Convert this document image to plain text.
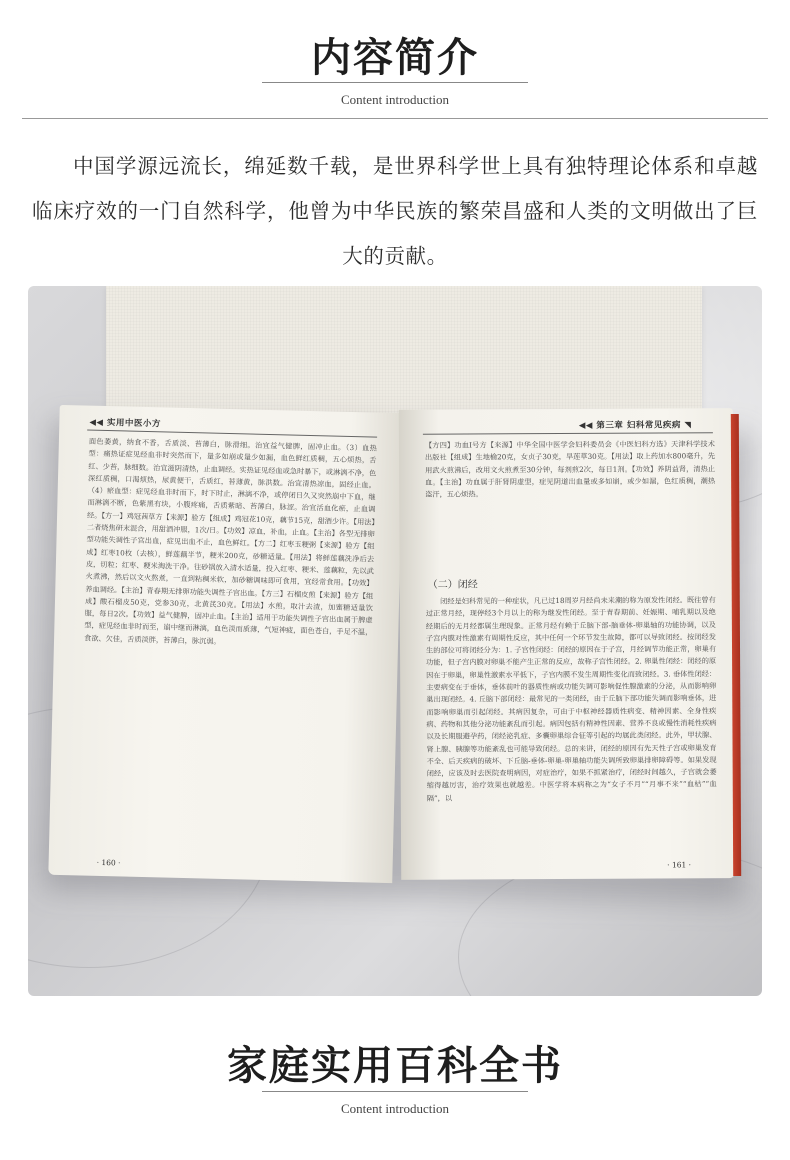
内容简介
Content introduction
中国学源远流长，绵延数千载，是世界科学世上具有独特理论体系和卓越临床疗效的一门自然科学，他曾为中华民族的繁荣昌盛和人类的文明做出了巨大的贡献。
◀◀ 实用中医小方
面色萎黄，纳食不香，舌质淡、苔薄白，脉滑细。治宜益气健脾，固冲止血。（3）血热型：痛热证症见经血非时突然而下，量多如崩或量少如漏，血色鲜红质稠，五心烦热，舌红、少苔，脉细数。治宜滋阴清热，止血调经。实热证见经血或急时暴下，或淋漓不净，色深红质稠，口渴烦热，尿黄便干，舌质红，苔薄黄，脉洪数。治宜清热凉血，固经止血。（4）瘀血型：症见经血非时而下，时下时止，淋漓不净，或停闭日久又突然崩中下血，继而淋漓不断，色紫黑有块，小腹疼痛，舌质紫暗、苔薄白，脉涩。治宜活血化瘀，止血调经。【方一】鸡冠茜草方【来源】验方【组成】鸡冠花10克，藕节15克，甜酒少许。【用法】二者烧焦研末混合，用甜酒冲服，1次/日。【功效】凉血，补血，止血。【主治】各型无排卵型功能失调性子宫出血，症见出血不止，血色鲜红。【方二】红枣玉粳粥【来源】验方【组成】红枣10枚（去核），鲜莲藕半节，粳米200克，砂糖适量。【用法】将鲜莲藕洗净后去皮，切粒；红枣、粳米淘洗干净。往砂锅放入清水适量，投入红枣、粳米、莲藕粒，先以武火煮沸，然后以文火熬煮，一直到粘稠米软，加砂糖调味即可食用，宜经常食用。【功效】养血调经。【主治】青春期无排卵功能失调性子宫出血。【方三】石榴皮煎【来源】验方【组成】酸石榴皮50克，党参30克，北黄芪30克。【用法】水煎，取汁去渣，加蜜糖适量饮服，每日2次。【功效】益气健脾，固冲止血。【主治】适用于功能失调性子宫出血属于脾虚型，症见经血非时而至，崩中继而淋漓，血色淡而质薄，气短神疲，面色苍白，手足不温，食欲、欠佳，舌质淡胖，苔薄白，脉沉弱。
· 160 ·
◀◀ 第三章 妇科常见疾病 ◥
【方四】功血Ⅰ号方【来源】中华全国中医学会妇科委员会《中医妇科方选》天津科学技术出版社【组成】生地榆20克，女贞子30克，旱莲草30克。【用法】取上药加水800毫升，先用武火煎沸后，改用文火煎煮至30分钟，每剂煎2次，每日1剂。【功效】养阴益肾，清热止血。【主治】功血属于肝肾阴虚型，症见阴道出血量或多如崩，或少如漏，色红质稠，潮热盗汗，五心烦热。
（二）闭经
闭经是妇科常见的一种症状，凡已过18周岁月经尚未来潮的称为原发性闭经。既往曾有过正常月经，现停经3个月以上的称为继发性闭经。至于青春期前、妊娠期、哺乳期以及绝经期后的无月经都属生理现象。正常月经有赖于丘脑下部-脑垂体-卵巢轴的功能协调，以及子宫内膜对性激素有周期性反应，其中任何一个环节发生故障，都可以导致闭经。按闭经发生的部位可将闭经分为：1. 子宫性闭经：闭经的原因在于子宫，月经调节功能正常，卵巢有功能，但子宫内膜对卵巢不能产生正常的反应，故称子宫性闭经。2. 卵巢性闭经：闭经的原因在于卵巢，卵巢性激素水平低下，子宫内膜不发生周期性变化而致闭经。3. 垂体性闭经：主要病变在于垂体，垂体前叶的器质性病或功能失调可影响促性腺激素的分泌，从而影响卵巢出现闭经。4. 丘脑下部闭经：最常见的一类闭经，由于丘脑下部功能失调而影响垂体，进而影响卵巢而引起闭经。其病因复杂，可由于中枢神经器质性病变、精神因素、全身性疾病、药物和其他分泌功能紊乱而引起。病因包括有精神性因素、营养不良或慢性消耗性疾病以及长期服避孕药，闭经泌乳症、多囊卵巢综合征等引起的均属此类闭经。此外，甲状腺、肾上腺、胰腺等功能紊乱也可能导致闭经。总的来讲，闭经的原因有先天性子宫或卵巢发育不全、后天疾病的破坏、下丘脑-垂体-卵巢-卵巢轴功能失调所致卵巢排卵障碍等。如果发现闭经，应该及时去医院查明病因，对症治疗，如果不抓紧治疗，闭经时间越久，子宫就会萎缩得越厉害，治疗效果也就越差。中医学将本病称之为“女子不月”“月事不来”“血枯”“血隔”，以
· 161 ·
家庭实用百科全书
Content introduction
